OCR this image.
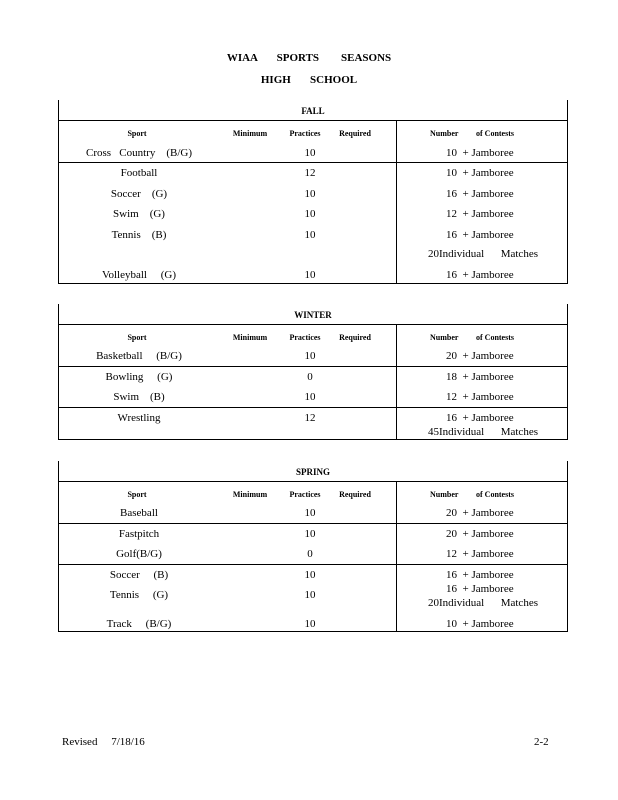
WIAA       SPORTS        SEASONS
HIGH       SCHOOL
FALL
Sport	Minimum	Practices Required	Number of Contests
Cross   Country    (B/G)	10	10  + Jamboree
Football	12	10  + Jamboree
Soccer    (G)	10	16  + Jamboree
Swim    (G)	10	12  + Jamboree
Tennis    (B)	10	16  + Jamboree
20Individual      Matches
Volleyball     (G)	10	16  + Jamboree
WINTER
Sport	Minimum	Practices Required	Number of Contests
Basketball     (B/G)	10	20  + Jamboree
Bowling     (G)	0	18  + Jamboree
Swim    (B)	10	12  + Jamboree
Wrestling	12	16  + Jamboree
45Individual      Matches
SPRING
Sport	Minimum	Practices Required	Number of Contests
Baseball	10	20  + Jamboree
Fastpitch	10	20  + Jamboree
Golf(B/G)	0	12  + Jamboree
Soccer     (B)	10	16  + Jamboree
Tennis     (G)	10	16  + Jamboree
20Individual      Matches
Track     (B/G)	10	10  + Jamboree
Revised     7/18/16	2-2
